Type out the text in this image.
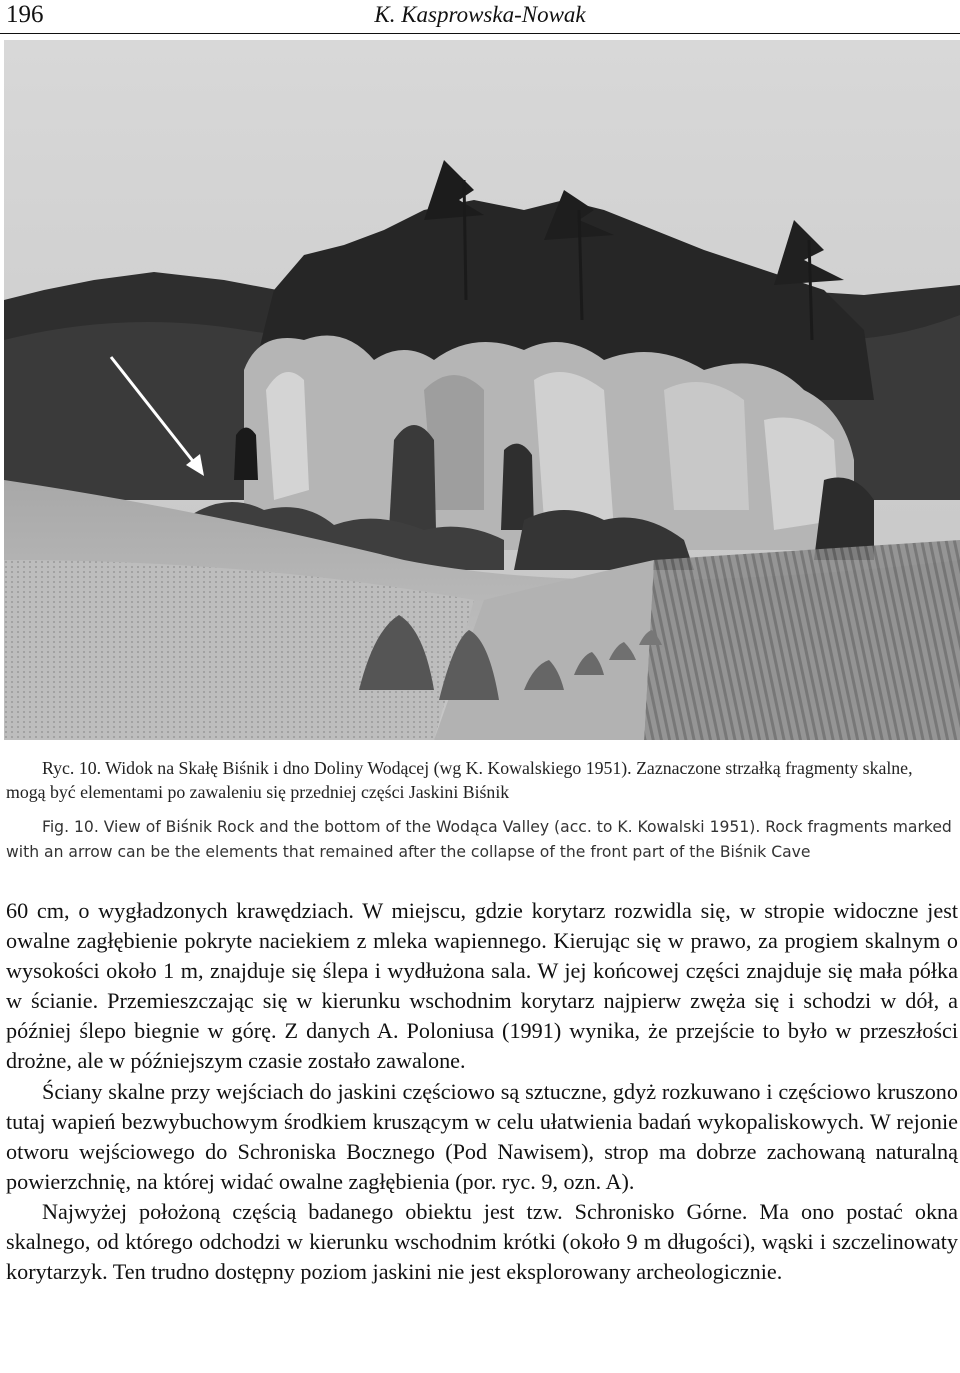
196	K. Kasprowska-Nowak
Ryc. 10. Widok na Skałę Biśnik i dno Doliny Wodącej (wg K. Kowalskiego 1951). Zaznaczone strzałką fragmenty skalne, mogą być elementami po zawaleniu się przedniej części Jaskini Biśnik
Fig. 10. View of Biśnik Rock and the bottom of the Wodąca Valley (acc. to K. Kowalski 1951). Rock fragments marked with an arrow can be the elements that remained after the collapse of the front part of the Biśnik Cave

60 cm, o wygładzonych krawędziach. W miejscu, gdzie korytarz rozwidla się, w stropie widoczne jest owalne zagłębienie pokryte naciekiem z mleka wapiennego. Kierując się w prawo, za progiem skalnym o wysokości około 1 m, znajduje się ślepa i wydłużona sala. W jej końcowej części znajduje się mała półka w ścianie. Przemieszczając się w kierunku wschodnim korytarz najpierw zwęża się i schodzi w dół, a później ślepo biegnie w górę. Z danych A. Poloniusa (1991) wynika, że przejście to było w przeszłości drożne, ale w późniejszym czasie zostało zawalone.

Ściany skalne przy wejściach do jaskini częściowo są sztuczne, gdyż rozkuwano i częściowo kruszono tutaj wapień bezwybuchowym środkiem kruszącym w celu ułatwienia badań wykopaliskowych. W rejonie otworu wejściowego do Schroniska Bocznego (Pod Nawisem), strop ma dobrze zachowaną naturalną powierzchnię, na której widać owalne zagłębienia (por. ryc. 9, ozn. A).

Najwyżej położoną częścią badanego obiektu jest tzw. Schronisko Górne. Ma ono postać okna skalnego, od którego odchodzi w kierunku wschodnim krótki (około 9 m długości), wąski i szczelinowaty korytarzyk. Ten trudno dostępny poziom jaskini nie jest eksplorowany archeologicznie.
